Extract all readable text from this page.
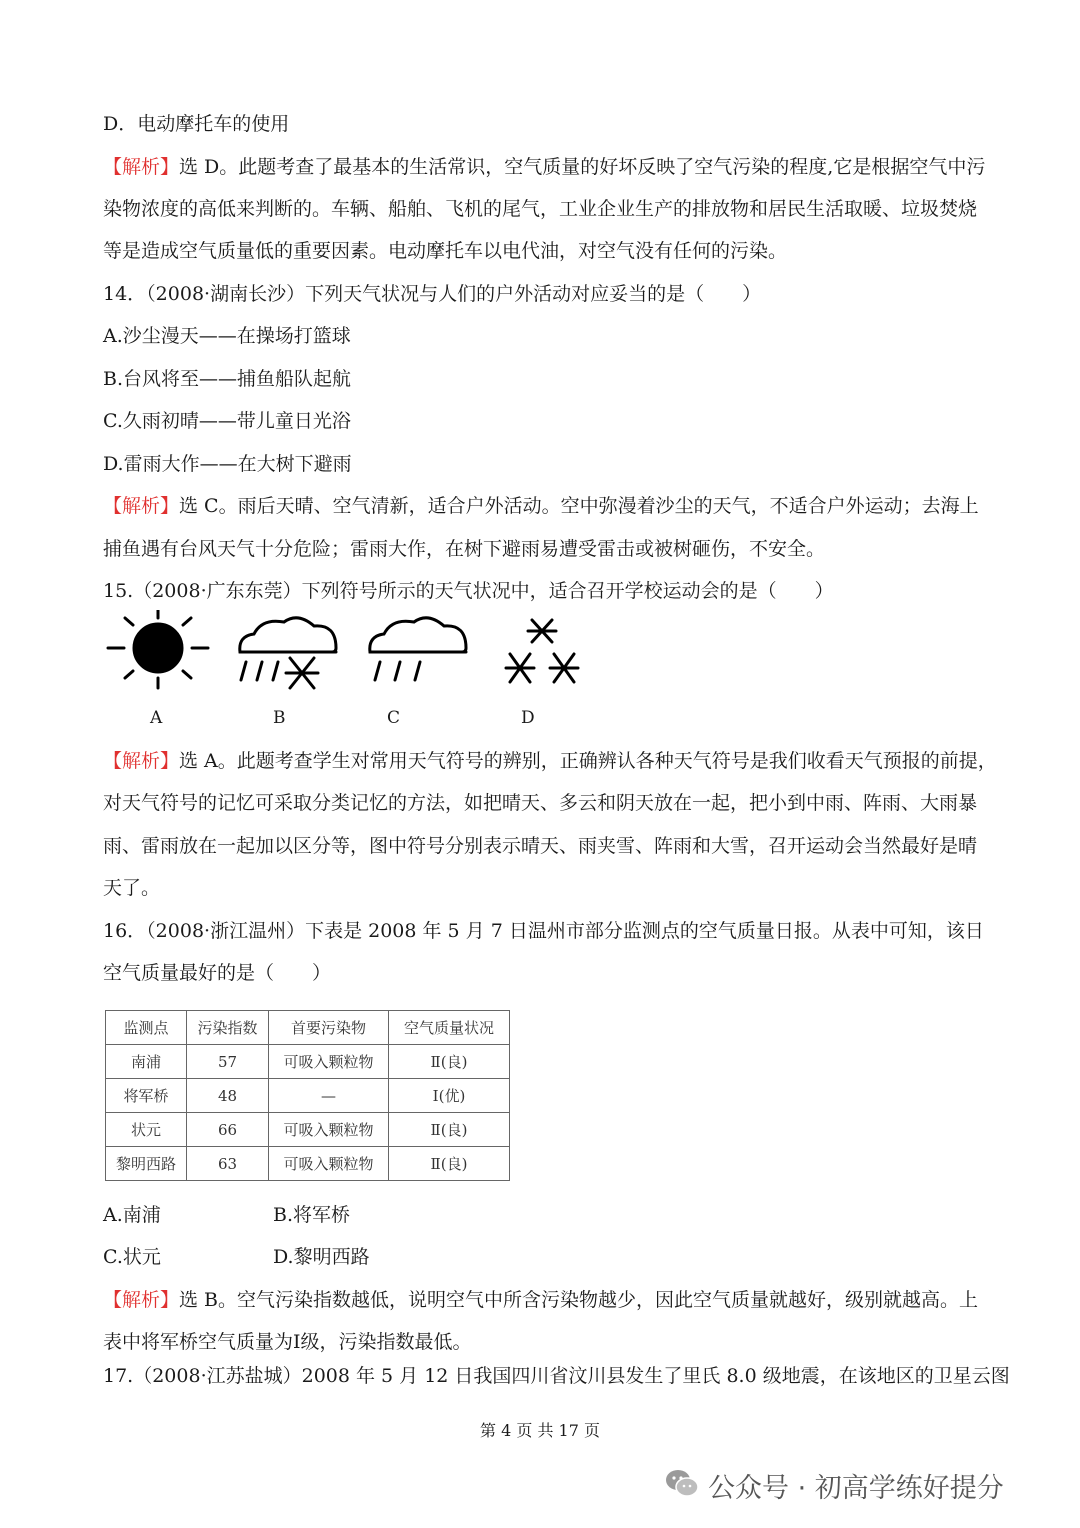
D．电动摩托车的使用
【解析】选 D。此题考查了最基本的生活常识，空气质量的好坏反映了空气污染的程度,它是根据空气中污
染物浓度的高低来判断的。车辆、船舶、飞机的尾气，工业企业生产的排放物和居民生活取暖、垃圾焚烧
等是造成空气质量低的重要因素。电动摩托车以电代油，对空气没有任何的污染。
14．（2008·湖南长沙）下列天气状况与人们的户外活动对应妥当的是（　　）
A.沙尘漫天——在操场打篮球
B.台风将至——捕鱼船队起航
C.久雨初晴——带儿童日光浴
D.雷雨大作——在大树下避雨
【解析】选 C。雨后天晴、空气清新，适合户外活动。空中弥漫着沙尘的天气，不适合户外运动；去海上
捕鱼遇有台风天气十分危险；雷雨大作，在树下避雨易遭受雷击或被树砸伤，不安全。
15.（2008·广东东莞）下列符号所示的天气状况中，适合召开学校运动会的是（　　）
A	B	C	D
【解析】选 A。此题考查学生对常用天气符号的辨别，正确辨认各种天气符号是我们收看天气预报的前提，
对天气符号的记忆可采取分类记忆的方法，如把晴天、多云和阴天放在一起，把小到中雨、阵雨、大雨暴
雨、雷雨放在一起加以区分等，图中符号分别表示晴天、雨夹雪、阵雨和大雪，召开运动会当然最好是晴
天了。
16．（2008·浙江温州）下表是 2008 年 5 月 7 日温州市部分监测点的空气质量日报。从表中可知，该日
空气质量最好的是（　　）
监测点	污染指数	首要污染物	空气质量状况
南浦	57	可吸入颗粒物	Ⅱ(良)
将军桥	48	—	Ⅰ(优)
状元	66	可吸入颗粒物	Ⅱ(良)
黎明西路	63	可吸入颗粒物	Ⅱ(良)
A.南浦	B.将军桥
C.状元	D.黎明西路
【解析】选 B。空气污染指数越低，说明空气中所含污染物越少，因此空气质量就越好，级别就越高。上
表中将军桥空气质量为Ⅰ级，污染指数最低。
17.（2008·江苏盐城）2008 年 5 月 12 日我国四川省汶川县发生了里氏 8.0 级地震，在该地区的卫星云图
第 4 页 共 17 页
公众号 · 初高学练好提分
